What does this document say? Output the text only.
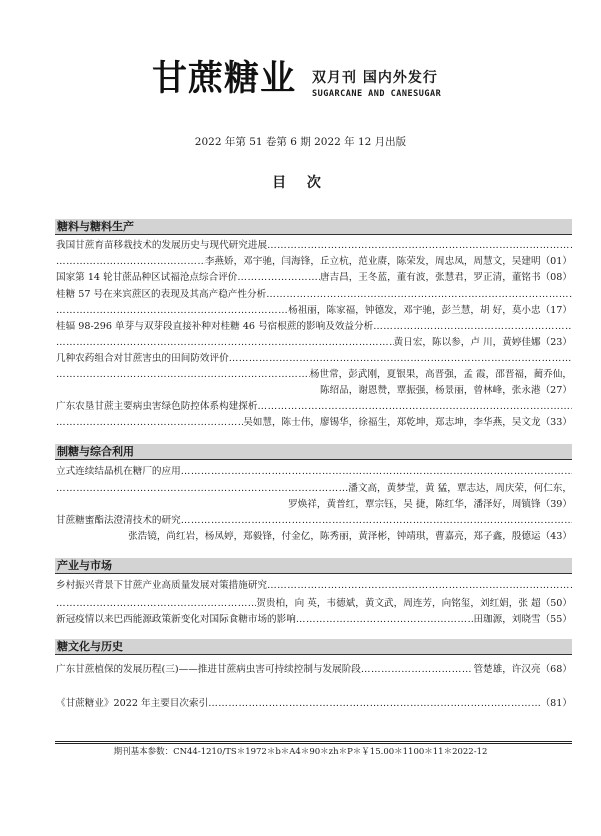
甘蔗糖业 双月刊 国内外发行
SUGARCANE AND CANESUGAR
2022 年第 51 卷第 6 期 2022 年 12 月出版
目 次
糖料与糖料生产
我国甘蔗育苗移栽技术的发展历史与现代研究进展
……………………………………………………………………………………………………………………………………………………………………………………………………………………………………
……………………………………………………………………………………………………………………………………………………………………………………………………………………………………
李燕娇，邓宇驰，闫海锋，丘立杭，范业赓，陈荣发，周忠凤，周慧文，吴建明（01）
国家第 14 轮甘蔗品种区试福沧点综合评价 ……………………………………………………………………………………………………………………………………………………………………………………………………………………………………	唐吉昌，王冬蓝，董有波，张慧君，罗正清，董铭书（08）
桂糖 57 号在来宾蔗区的表现及其高产稳产性分析
……………………………………………………………………………………………………………………………………………………………………………………………………………………………………
……………………………………………………………………………………………………………………………………………………………………………………………………………………………………
杨祖丽，陈家福，钟德发，邓宇驰，彭兰慧，胡 好，莫小忠（17）
桂辐 98-296 单芽与双芽段直接补种对桂糖 46 号宿根蔗的影响及效益分析
……………………………………………………………………………………………………………………………………………………………………………………………………………………………………
……………………………………………………………………………………………………………………………………………………………………………………………………………………………………
黄日宏，陈以参，卢 川，黄婷佳娜（23）
几种农药组合对甘蔗害虫的田间防效评价
……………………………………………………………………………………………………………………………………………………………………………………………………………………………………
……………………………………………………………………………………………………………………………………………………………………………………………………………………………………
杨世常，彭武刚，夏银果，高晋强，孟 霞，邵晋福，蔺乔仙，
陈绍品，谢恩赞，覃振强，杨景丽，曾林峰，张永港（27）
广东农垦甘蔗主要病虫害绿色防控体系构建探析
……………………………………………………………………………………………………………………………………………………………………………………………………………………………………
……………………………………………………………………………………………………………………………………………………………………………………………………………………………………
吴如慧，陈士伟，廖锡华，徐福生，郑乾坤，郑志坤，李华燕，吴文龙（33）
制糖与综合利用
立式连续结晶机在糖厂的应用
……………………………………………………………………………………………………………………………………………………………………………………………………………………………………
……………………………………………………………………………………………………………………………………………………………………………………………………………………………………
潘文高，黄梦莹，黄 猛，覃志达，周庆荣，何仁东，
罗焕祥，黄普红，覃宗钰，吴 捷，陈红华，潘泽好，周镇锋（39）
甘蔗糖蜜酯法澄清技术的研究
……………………………………………………………………………………………………………………………………………………………………………………………………………………………………
张浩镜，尚红岩，杨凤婷，郑毅锋，付金亿，陈秀丽，黄泽彬，钟靖琪，曹嘉亮，郑子鑫，殷德运（43）
产业与市场
乡村振兴背景下甘蔗产业高质量发展对策措施研究
……………………………………………………………………………………………………………………………………………………………………………………………………………………………………
……………………………………………………………………………………………………………………………………………………………………………………………………………………………………
贺贵柏，向 英，韦德斌，黄文武，周连芳，向铭玺，刘红娟，张 超（50）
新冠疫情以来巴西能源政策新变化对国际食糖市场的影响 ……………………………………………………………………………………………………………………………………………………………………………………………………………………………………	田珈源，刘晓雪（55）
糖文化与历史
广东甘蔗植保的发展历程(三)——推进甘蔗病虫害可持续控制与发展阶段 ……………………………………………………………………………………………………………………………………………………………………………………………………………………………………	管楚雄，许汉亮（68）
《甘蔗糖业》2022 年主要目次索引 ……………………………………………………………………………………………………………………………………………………………………………………………………………………………………	（81）
期刊基本参数：CN44-1210/TS＊1972＊b＊A4＊90＊zh＊P＊￥15.00＊1100＊11＊2022-12
